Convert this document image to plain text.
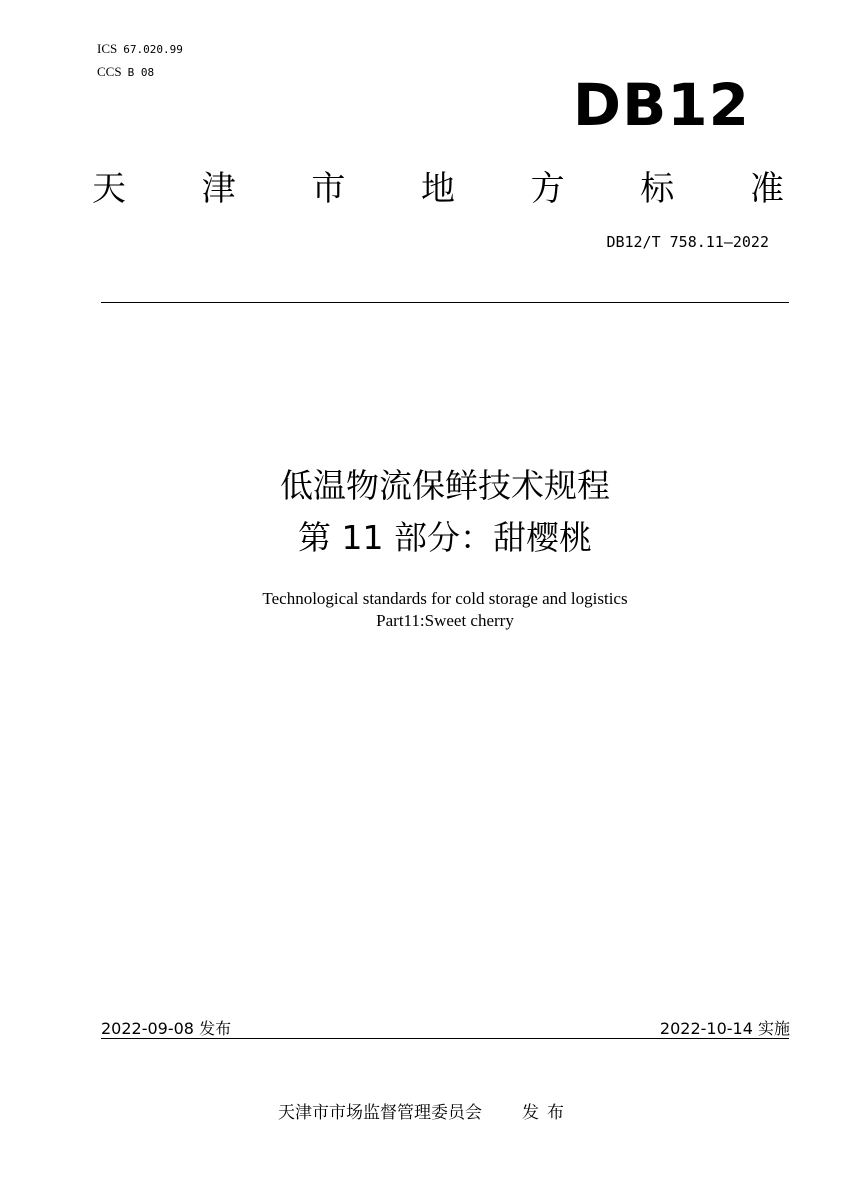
ICS 67.020.99
CCS B 08	DB12
天 津 市 地 方 标 准
DB12/T 758.11—2022
低温物流保鲜技术规程
第 11 部分：甜樱桃
Technological standards for cold storage and logistics
Part11:Sweet cherry
2022-09-08 发布	2022-10-14 实施
天津市市场监督管理委员会 发布
